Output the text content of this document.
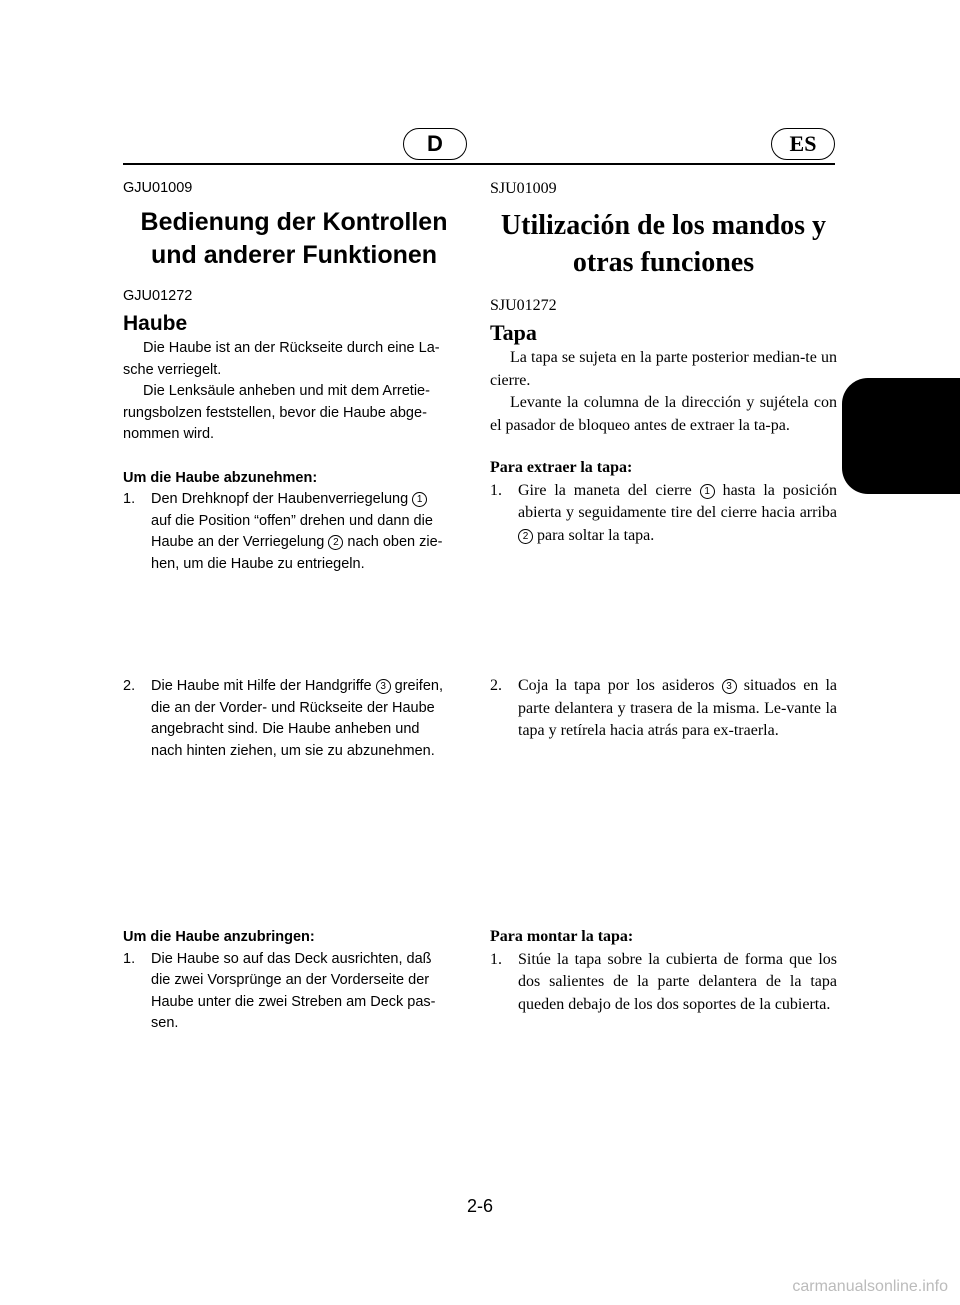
D	ES

GJU01009

Bedienung der Kontrollen
und anderer Funktionen

GJU01272

Haube

Die Haube ist an der Rückseite durch eine La-

sche verriegelt.

Die Lenksäule anheben und mit dem Arretie-

rungsbolzen feststellen, bevor die Haube abge-

nommen wird.

Um die Haube abzunehmen:

1.	Den Drehknopf der Haubenverriegelung 1
auf die Position “offen” drehen und dann die
Haube an der Verriegelung 2 nach oben zie-
hen, um die Haube zu entriegeln.
2.	Die Haube mit Hilfe der Handgriffe 3 greifen,
die an der Vorder- und Rückseite der Haube
angebracht sind. Die Haube anheben und
nach hinten ziehen, um sie zu abzunehmen.

Um die Haube anzubringen:

1.	Die Haube so auf das Deck ausrichten, daß
die zwei Vorsprünge an der Vorderseite der
Haube unter die zwei Streben am Deck pas-
sen.

SJU01009

Utilización de los mandos y
otras funciones

SJU01272

Tapa

La tapa se sujeta en la parte posterior median-te un cierre.

Levante la columna de la dirección y sujétela con el pasador de bloqueo antes de extraer la ta-pa.

Para extraer la tapa:

1.	Gire la maneta del cierre 1 hasta la posición abierta y seguidamente tire del cierre hacia arriba 2 para soltar la tapa.
2.	Coja la tapa por los asideros 3 situados en la parte delantera y trasera de la misma. Le-vante la tapa y retírela hacia atrás para ex-traerla.

Para montar la tapa:

1.	Sitúe la tapa sobre la cubierta de forma que los dos salientes de la parte delantera de la tapa queden debajo de los dos soportes de la cubierta.
2-6
carmanualsonline.info
